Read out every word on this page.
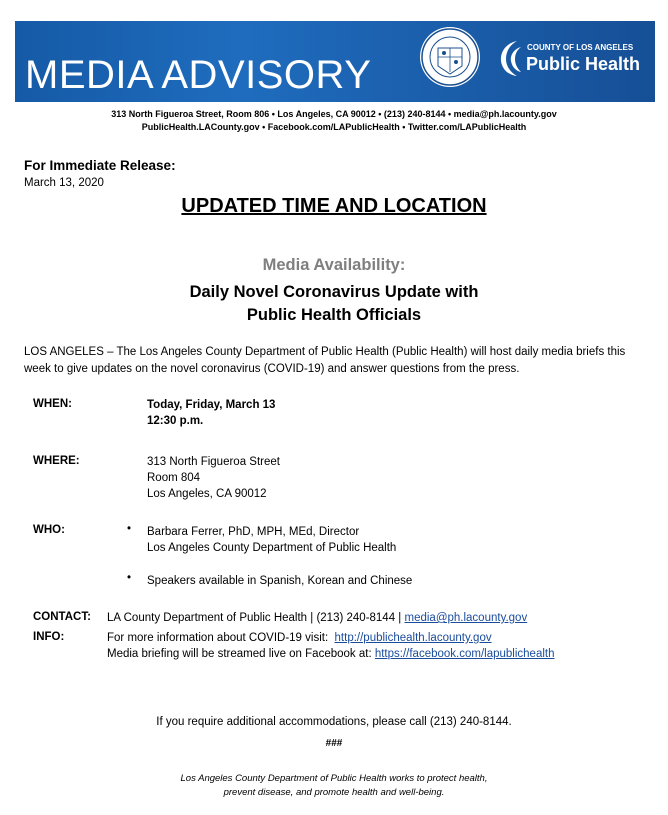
MEDIA ADVISORY
COUNTY OF LOS ANGELES
Public Health
313 North Figueroa Street, Room 806 • Los Angeles, CA 90012 • (213) 240-8144 • media@ph.lacounty.gov
PublicHealth.LACounty.gov • Facebook.com/LAPublicHealth • Twitter.com/LAPublicHealth
For Immediate Release:
March 13, 2020
UPDATED TIME AND LOCATION
Media Availability:
Daily Novel Coronavirus Update with
Public Health Officials
LOS ANGELES – The Los Angeles County Department of Public Health (Public Health) will host daily media briefs this week to give updates on the novel coronavirus (COVID-19) and answer questions from the press.
WHEN:	Today, Friday, March 13
12:30 p.m.
WHERE:	313 North Figueroa Street
Room 804
Los Angeles, CA 90012
WHO:	• Barbara Ferrer, PhD, MPH, MEd, Director
Los Angeles County Department of Public Health
• Speakers available in Spanish, Korean and Chinese
CONTACT: LA County Department of Public Health | (213) 240-8144 | media@ph.lacounty.gov
INFO:	For more information about COVID-19 visit: http://publichealth.lacounty.gov
Media briefing will be streamed live on Facebook at: https://facebook.com/lapublichealth
If you require additional accommodations, please call (213) 240-8144.
###
Los Angeles County Department of Public Health works to protect health,
prevent disease, and promote health and well-being.
